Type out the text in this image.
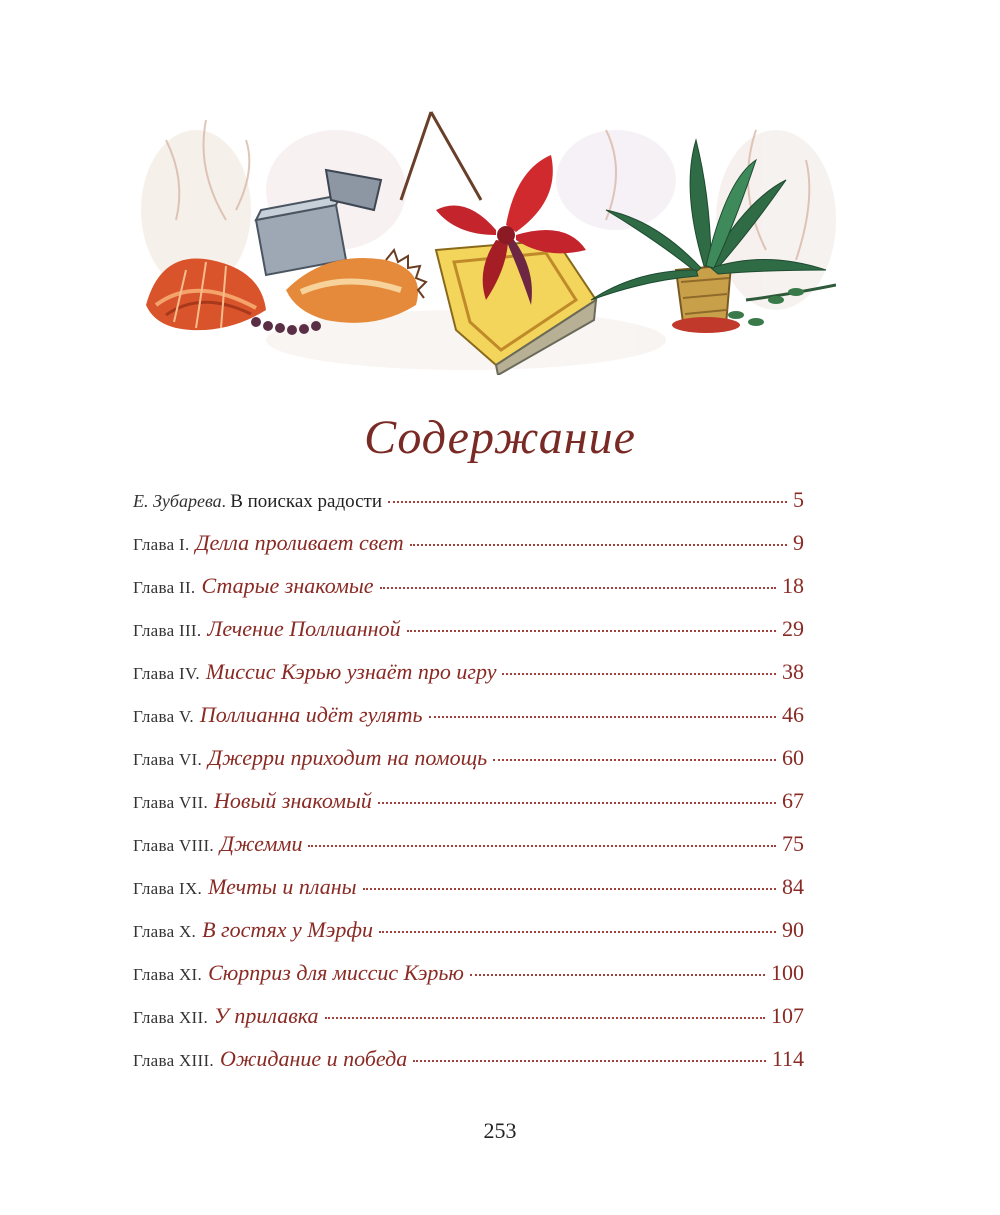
Содержание
Е. Зубарева . В поисках радости	5
Глава I. Делла проливает свет	9
Глава II. Старые знакомые	18
Глава III. Лечение Поллианной	29
Глава IV. Миссис Кэрью узнаёт про игру	38
Глава V. Поллианна идёт гулять	46
Глава VI. Джерри приходит на помощь	60
Глава VII. Новый знакомый	67
Глава VIII. Джемми	75
Глава IX. Мечты и планы	84
Глава X. В гостях у Мэрфи	90
Глава XI. Сюрприз для миссис Кэрью	100
Глава XII. У прилавка	107
Глава XIII. Ожидание и победа	114
253
